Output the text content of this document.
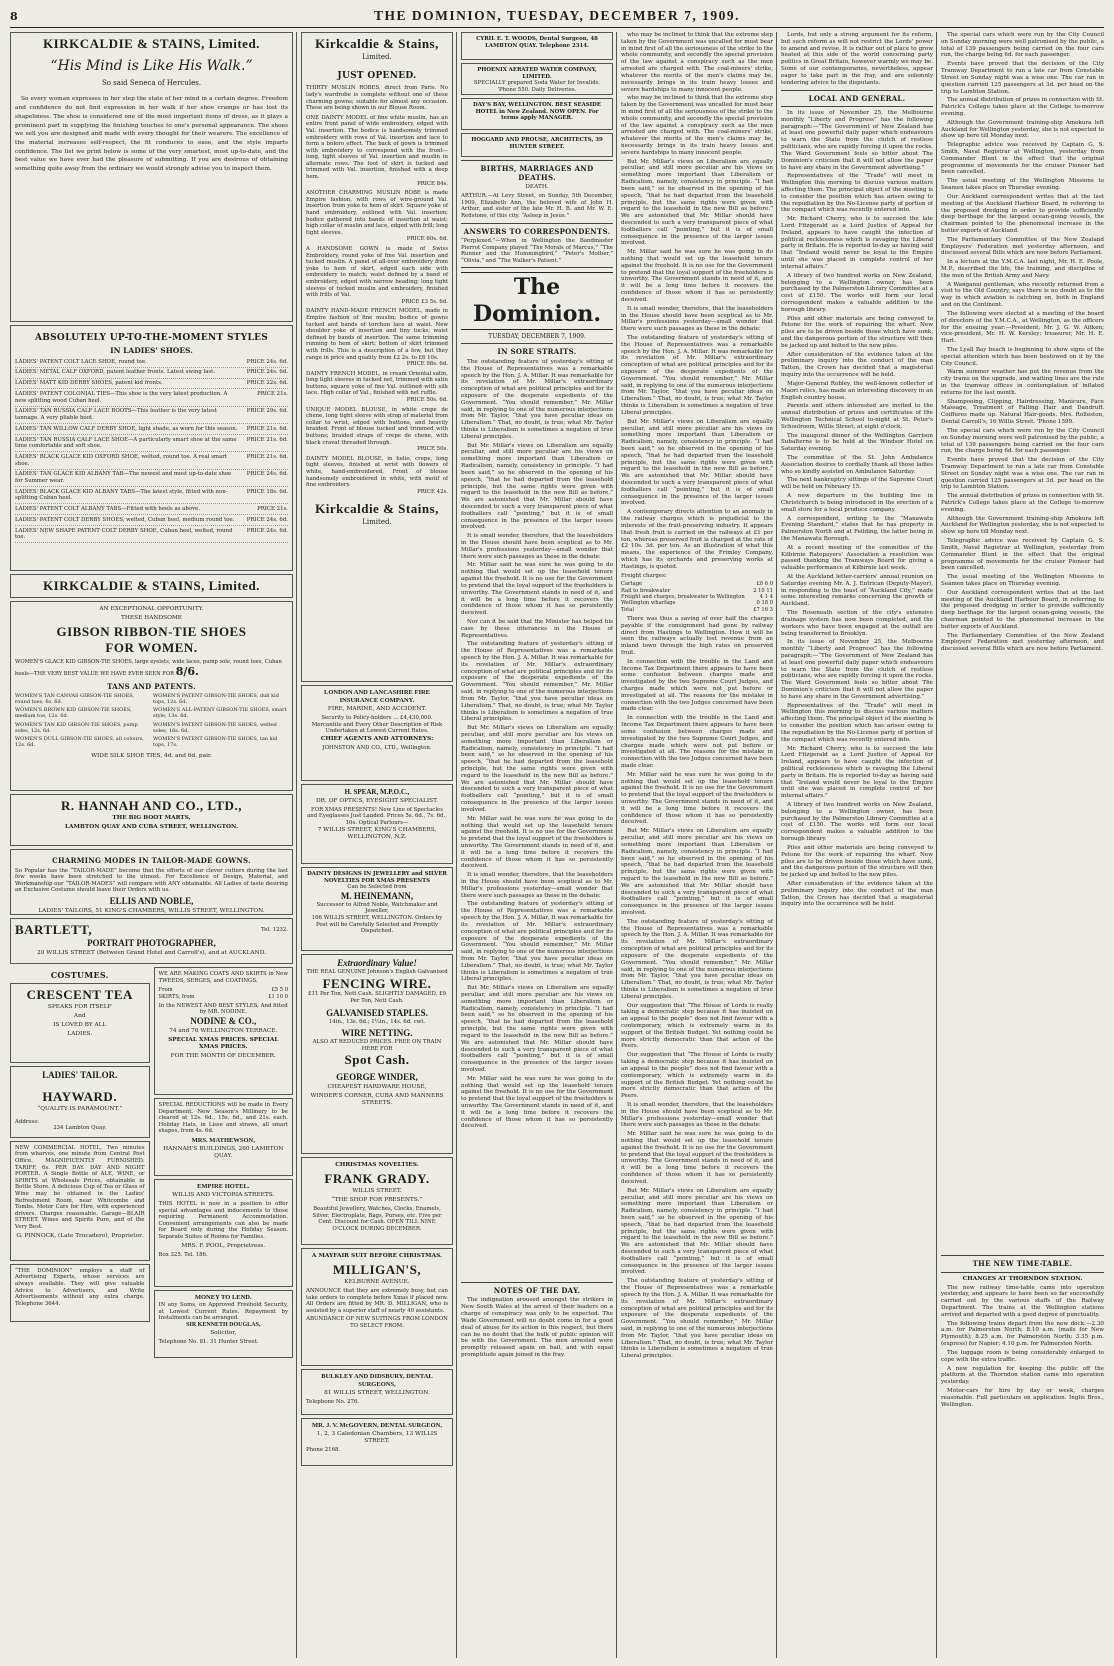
8	THE DOMINION, TUESDAY, DECEMBER 7, 1909.
KIRKCALDIE & STAINS, Limited.
“His Mind is Like His Walk.”
So said Seneca of Hercules.

So every woman expresses in her step the state of her mind in a certain degree. Freedom and confidence do not find expression in her walk if her shoe cramps or has lost its shapeliness. The shoe is considered one of the most important items of dress, as it plays a prominent part in supplying the finishing touches to one's personal appearance. The shoes we sell you are designed and made with every thought for their wearers. The excellence of the material increases self-respect, the fit conduces to ease, and the style imparts confidence. The list we print below is some of the very smartest, most up-to-date, and the best value we have ever had the pleasure of submitting. If you are desirous of obtaining something quite away from the ordinary we would strongly advise you to inspect them.

ABSOLUTELY UP-TO-THE-MOMENT STYLES
IN LADIES' SHOES.
LADIES' PATENT COLT LACE SHOE, round toe.	PRICE 24s. 6d.
LADIES' METAL CALF OXFORD, patent leather fronts. Latest swing last.	PRICE 24s. 6d.
LADIES' MATT KID DERBY SHOES, patent kid fronts.	PRICE 22s. 6d.
LADIES' PATENT COLONIAL TIES—This shoe is the very latest production. A new splitting wood Cuban heel.
PRICE 21s.
LADIES' TAN RUSSIA CALF LACE BOOTS—This leather is the very latest tannage. A very pliable boot.
PRICE 29s. 6d.
LADIES' TAN WILLOW CALF DERBY SHOE, light shade, as worn for this season. PRICE 21s. 6d.
LADIES' TAN RUSSIA CALF LACE SHOE—A particularly smart shoe at the same time comfortable and soft shoe.
PRICE 21s. 6d.
LADIES' BLACK GLACE KID OXFORD SHOE, welted, round toe. A real smart shoe.
PRICE 21s. 6d.
LADIES' TAN GLACE KID ALBANY TAB—The newest and most up-to-date shoe for Summer wear.
PRICE 24s. 6d.
LADIES' BLACK GLACE KID ALBANY TABS—The latest style, fitted with non-splitting Cuban heel.
PRICE 18s. 6d.
LADIES' PATENT COLT ALBANY TABS—Fitted with heels as above.	PRICE 21s.
LADIES' PATENT COLT DERBY SHOES, welted, Cuban heel, medium round toe. PRICE 24s. 6d.
LADIES' NEW SHAPE PATENT COLT DERBY SHOE, Cuban heel, welted, round toe.
PRICE 24s. 6d.
KIRKCALDIE & STAINS, Limited.
AN EXCEPTIONAL OPPORTUNITY.
THESE HANDSOME
GIBSON RIBBON-TIE SHOES
FOR WOMEN.
WOMEN'S GLACE KID GIBSON-TIE SHOES, large eyelets, wide laces, pump sole, round toes, Cuban heels—THE VERY BEST VALUE WE HAVE EVER SEEN FOR 8/6.
TANS AND PATENTS.
WOMEN'S TAN CANVAS GIBSON-TIE SHOES, round toes, 6s. 6d.
WOMEN'S BROWN KID GIBSON-TIE SHOES, medium toe, 12s. 6d.
WOMEN'S TAN KID GIBSON-TIE SHOES, pump soles, 12s. 6d.
WOMEN'S DULL GIBSON-TIE SHOES, all colours, 12s. 6d.
WOMEN'S PATENT GIBSON-TIE SHOES, dull kid tops, 12s. 6d.
WOMEN'S ALL-PATENT GIBSON-TIE SHOES, smart style, 13s. 6d.
WOMEN'S PATENT GIBSON-TIE SHOES, welted soles, 16s. 6d.
WOMEN'S PATENT GIBSON-TIE SHOES, tan kid tops, 17s.
WIDE SILK SHOE TIES, 4d. and 6d. pair.
R. HANNAH AND CO., LTD.,
THE BIG BOOT MARTS,
LAMBTON QUAY AND CUBA STREET, WELLINGTON.
CHARMING MODES IN TAILOR-MADE GOWNS.
So Popular has the “TAILOR-MADE” become that the efforts of our clever cutters during the last few weeks have been stretched to the utmost. For Excellence of Design, Material, and Workmanship our “TAILOR-MADES” will compare with ANY obtainable. All Ladies of taste desiring an Exclusive Costume should leave their Orders with us.
ELLIS AND NOBLE,
LADIES' TAILORS, 51 KING'S CHAMBERS, WILLIS STREET, WELLINGTON.
BARTLETT,	Tel. 1232.
PORTRAIT PHOTOGRAPHER,
20 WILLIS STREET (Between Grand Hotel and Carroll's), and at AUCKLAND.
COSTUMES.
CRESCENT TEA
SPEAKS FOR ITSELF
And
IS LOVED BY ALL
LADIES.
LADIES' TAILOR.
HAYWARD.
“QUALITY IS PARAMOUNT.”
Address:
234 Lambton Quay.
NEW COMMERCIAL HOTEL, Two minutes from wharves, one minute from Central Post Office. MAGNIFICENTLY FURNISHED. TARIFF, 6s. PER DAY. DAY AND NIGHT PORTER. A Single Bottle of ALE, WINE, or SPIRITS at Wholesale Prices, obtainable in Bottle Store. A delicious Cup of Tea or Glass of Wine may be obtained in the Ladies' Refreshment Room, near Whitcombe and Tombs. Motor Cars for Hire, with experienced drivers. Charges reasonable. Garage—BLAIR STREET. Wines and Spirits Pure, and of the Very Best.
G. PINNOCK, (Late Trocadero), Proprietor.
“THE DOMINION” employs a staff of Advertising Experts, whose services are always available. They will give valuable Advice to Advertisers, and Write Advertisements without any extra charge. Telephone 3644.
WE ARE MAKING COATS AND SKIRTS in New TWEEDS, SERGES, and COATINGS.
From	£5 5 0
SKIRTS, from	£1 10 0
In the NEWEST AND BEST STYLES, And fitted by MR. NODINE.
NODINE & CO.,
74 and 76 WELLINGTON TERRACE.
SPECIAL XMAS PRICES. SPECIAL XMAS PRICES.
FOR THE MONTH OF DECEMBER.
SPECIAL REDUCTIONS will be made in Every Department. New Season's Millinery to be cleared at 12s. 6d., 15s. 6d., and 21s. each. Holiday Hats, in Lisse and straws, all smart shapes, from 4s. 6d.
MRS. MATHEWSON,
HANNAH'S BUILDINGS, 260 LAMBTON QUAY.
EMPIRE HOTEL.
WILLIS AND VICTORIA STREETS.
THIS HOTEL is now in a position to offer special advantages and inducements to those requiring Permanent Accommodation. Convenient arrangements can also be made for Board only during the Holiday Season. Separate Suites of Rooms for Families.
MRS. F. POOL, Proprietress.
Box 325. Tel. 186.
MONEY TO LEND.
IN any Sums, on Approved Freehold Security, at Lowest Current Rates. Repayment by Instalments can be arranged.
SIR KENNETH DOUGLAS,
Solicitor,
Telephone No. 81. 31 Hunter Street.
Kirkcaldie & Stains,
Limited.
JUST OPENED.
THIRTY MUSLIN ROBES, direct from Paris. No lady's wardrobe is complete without one of these charming gowns; suitable for almost any occasion. These are being shown in our Blouse Room.
ONE DAINTY MODEL of fine white muslin, has an entire front panel of wide embroidery, edged with Val. insertion. The bodice is handsomely trimmed embroidery with rows of Val. insertion and lace to form a bolero effect. The back of gown is trimmed with embroidery to correspond with the front—long, tight sleeves of Val. insertion and muslin in alternate rows. The foot of skirt is tucked and trimmed with Val. insertion, finished with a deep hem.
PRICE 84s.
ANOTHER CHARMING MUSLIN ROBE is made Empire fashion, with rows of wire-ground Val. insertion from yoke to hem of skirt. Square yoke of hand embroidery, outlined with Val. insertion; bodice gathered into bands of insertion at waist; high collar of muslin and lace, edged with frill; long tight sleeves.
PRICE 60s. 6d.
A HANDSOME GOWN is made of Swiss Embroidery, round yoke of fine Val. insertion and tucked muslin. A panel of all-over embroidery from yoke to hem of skirt, edged each side with embroidery to match; waist defined by a band of embroidery, edged with narrow beading; long tight sleeves of tucked muslin and embroidery, finished with frills of Val.
PRICE £3 5s. 6d.
DAINTY HAND-MADE FRENCH MODEL, made in Empire fashion of fine muslin; bodice of gowns tucked and bands of torchon lace at waist. New shoulder yoke of insertion and tiny tucks; waist defined by bands of insertion. The same trimming running to hem of skirt; bottom of skirt trimmed with frills. This is a description of a few, but they range in price and quality from £2 2s. to £6 10s.
PRICE 98s. 6d.
DAINTY FRENCH MODEL, in cream Oriental satin, long tight sleeves in tucked net, trimmed with satin buttons, square yoke of fine Val. outlined with silk lace. High collar of Val., finished with net ruffle.
PRICE 50s. 6d.
UNIQUE MODEL BLOUSE, in white crepe de chene, long tight sleeve with strap of material from collar to wrist, edged with buttons, and heavily braided. Front of blouse tucked and trimmed with buttons; braided straps of crepe de chene, with black cravat threaded through.
PRICE 50s.
DAINTY MODEL BLOUSE, in helio, crepe, long tight sleeves, finished at wrist with flowers of white, hand-embroidered. Front of blouse handsomely embroidered in white, with motif of fine embroidery.
PRICE 42s.
Kirkcaldie & Stains,
Limited.
LONDON AND LANCASHIRE FIRE INSURANCE COMPANY.
FIRE, MARINE, AND ACCIDENT.
Security to Policy-holders ... £4,430,000.
Mercantile and Every Other Description of Risk Undertaken at Lowest Current Rates.
CHIEF AGENTS AND ATTORNEYS:
JOHNSTON AND CO., LTD., Wellington.
H. SPEAR, M.P.O.C.,
DR. OF OPTICS, EYESIGHT SPECIALIST.
FOR XMAS PRESENTS! New Line of Spectacles and Eyeglasses Just Landed. Prices 5s. 6d., 7s. 6d., 10s. Optical Parlours—
7 WILLIS STREET, KING'S CHAMBERS, WELLINGTON, N.Z.
DAINTY DESIGNS IN JEWELLERY and SILVER NOVELTIES FOR XMAS PRESENTS
Can be Selected from
M. HEINEMANN,
Successor to Alfred Noble, Watchmaker and Jeweller,
166 WILLIS STREET, WELLINGTON. Orders by Post will be Carefully Selected and Promptly Dispatched.
Extraordinary Value!
THE REAL GENUINE Johnson's English Galvanised
FENCING WIRE.
£11 Per Ton, Nett Cash. SLIGHTLY DAMAGED, £9 Per Ton, Nett Cash.
GALVANISED STAPLES.
14in., 13s. 6d.; 1½in., 14s. 6d. cwt.
WIRE NETTING.
ALSO AT REDUCED PRICES. FREE ON TRAIN HERE FOR
Spot Cash.
GEORGE WINDER,
CHEAPEST HARDWARE HOUSE,
WINDER'S CORNER, CUBA AND MANNERS STREETS.
CHRISTMAS NOVELTIES.
FRANK GRADY.
WILLIS STREET.
“THE SHOP FOR PRESENTS.”
Beautiful Jewellery, Watches, Clocks, Enamels, Silver, Electroplate, Bags, Purses, etc. Five per Cent. Discount for Cash. OPEN TILL NINE O'CLOCK DURING DECEMBER.
A MAYFAIR SUIT BEFORE CHRISTMAS.
MILLIGAN'S,
KELBURNE AVENUE.
ANNOUNCE that they are extremely busy, but can take orders to complete before Xmas if placed now. All Orders are fitted by MR. D. MILLIGAN, who is assisted by a superior staff of nearly 40 assistants.
ABUNDANCE OF NEW SUITINGS FROM LONDON TO SELECT FROM.
BULKLEY AND DIDSBURY, DENTAL SURGEONS,
81 WILLIS STREET, WELLINGTON.
Telephone No. 276.
MR. J. V. McGOVERN, DENTAL SURGEON,
1, 2, 3 Caledonian Chambers, 13 WILLIS STREET.
Phone 2168.
CYRIL E. T. WOODS, Dental Surgeon, 48 LAMBTON QUAY. Telephone 2314.
PHOENIX AERATED WATER COMPANY, LIMITED.
SPECIALLY prepared Soda Water for Invalids. 'Phone 550. Daily Deliveries.
DAY'S BAY, WELLINGTON. BEST SEASIDE HOTEL in New Zealand. NOW OPEN. For terms apply MANAGER.
HOGGARD AND PROUSE, ARCHITECTS, 39 HUNTER STREET.
BIRTHS, MARRIAGES AND DEATHS.
DEATH.
ARTHUR.—At Levy Street, on Sunday, 5th December, 1909, Elizabeth Ann, the beloved wife of John H. Arthur, and sister of the late Mr. H. B. and Mr. W. E. Redstone, of this city. “Asleep in Jesus.”
ANSWERS TO CORRESPONDENTS.
“Perplexed.”—When in Wellington the Bandmaster Pierrot Company played “The Morals of Marcus,” “The Runner and the Hummingbird,” “Peter's Mother,” “Olivia,” and “The Walker's Patient.”
The Dominion.
TUESDAY, DECEMBER 7, 1909.
IN SORE STRAITS.

The outstanding feature of yesterday's sitting of the House of Representatives was a remarkable speech by the Hon. J. A. Millar. It was remarkable for its revelation of Mr. Millar's extraordinary conception of what are political principles and for its exposure of the desperate expedients of the Government. “You should remember,” Mr. Millar said, in replying to one of the numerous interjections from Mr. Taylor, “that you have peculiar ideas on Liberalism.” That, no doubt, is true; what Mr. Taylor thinks is Liberalism is sometimes a negation of true Liberal principles.

But Mr. Millar's views on Liberalism are equally peculiar, and still more peculiar are his views on something more important than Liberalism or Radicalism, namely, consistency in principle. “I had been said,” so he observed in the opening of his speech, “that he had departed from the leasehold principle, but the same rights were given with regard to the leasehold in the new Bill as before.” We are astonished that Mr. Millar should have descended to such a very transparent piece of what footballers call “pointing,” but it is of small consequence in the presence of the larger issues involved.

It is small wonder, therefore, that the leaseholders in the House should have been sceptical as to Mr. Millar's professions yesterday—small wonder that there were such passages as these in the debate:

Mr. Millar said he was sure he was going to do nothing that would set up the leasehold tenure against the freehold. It is no use for the Government to pretend that the loyal support of the freeholders is unworthy. The Government stands in need of it, and it will be a long time before it recovers the confidence of those whom it has so persistently deceived.

Nor can it be said that the Minister has helped his case by these utterances in the House of Representatives.

The outstanding feature of yesterday's sitting of the House of Representatives was a remarkable speech by the Hon. J. A. Millar. It was remarkable for its revelation of Mr. Millar's extraordinary conception of what are political principles and for its exposure of the desperate expedients of the Government. “You should remember,” Mr. Millar said, in replying to one of the numerous interjections from Mr. Taylor, “that you have peculiar ideas on Liberalism.” That, no doubt, is true; what Mr. Taylor thinks is Liberalism is sometimes a negation of true Liberal principles.

But Mr. Millar's views on Liberalism are equally peculiar, and still more peculiar are his views on something more important than Liberalism or Radicalism, namely, consistency in principle. “I had been said,” so he observed in the opening of his speech, “that he had departed from the leasehold principle, but the same rights were given with regard to the leasehold in the new Bill as before.” We are astonished that Mr. Millar should have descended to such a very transparent piece of what footballers call “pointing,” but it is of small consequence in the presence of the larger issues involved.

Mr. Millar said he was sure he was going to do nothing that would set up the leasehold tenure against the freehold. It is no use for the Government to pretend that the loyal support of the freeholders is unworthy. The Government stands in need of it, and it will be a long time before it recovers the confidence of those whom it has so persistently deceived.

It is small wonder, therefore, that the leaseholders in the House should have been sceptical as to Mr. Millar's professions yesterday—small wonder that there were such passages as these in the debate:

The outstanding feature of yesterday's sitting of the House of Representatives was a remarkable speech by the Hon. J. A. Millar. It was remarkable for its revelation of Mr. Millar's extraordinary conception of what are political principles and for its exposure of the desperate expedients of the Government. “You should remember,” Mr. Millar said, in replying to one of the numerous interjections from Mr. Taylor, “that you have peculiar ideas on Liberalism.” That, no doubt, is true; what Mr. Taylor thinks is Liberalism is sometimes a negation of true Liberal principles.

But Mr. Millar's views on Liberalism are equally peculiar, and still more peculiar are his views on something more important than Liberalism or Radicalism, namely, consistency in principle. “I had been said,” so he observed in the opening of his speech, “that he had departed from the leasehold principle, but the same rights were given with regard to the leasehold in the new Bill as before.” We are astonished that Mr. Millar should have descended to such a very transparent piece of what footballers call “pointing,” but it is of small consequence in the presence of the larger issues involved.

Mr. Millar said he was sure he was going to do nothing that would set up the leasehold tenure against the freehold. It is no use for the Government to pretend that the loyal support of the freeholders is unworthy. The Government stands in need of it, and it will be a long time before it recovers the confidence of those whom it has so persistently deceived.

NOTES OF THE DAY.

The indignation aroused amongst the strikers in New South Wales at the arrest of their leaders on a charge of conspiracy was only to be expected. The Wade Government will no doubt come in for a good deal of abuse for its action in this respect, but there can be no doubt that the bulk of public opinion will be with the Government. The men arrested were promptly released again on bail, and with equal promptitude again joined in the fray.

who may be inclined to think that the extreme step taken by the Government was uncalled for must bear in mind first of all the seriousness of the strike to the whole community, and secondly the special provision of the law against a conspiracy such as the men arrested are charged with. The coal-miners' strike, whatever the merits of the men's claims may be, necessarily brings in its train heavy losses and severe hardships to many innocent people.

who may be inclined to think that the extreme step taken by the Government was uncalled for must bear in mind first of all the seriousness of the strike to the whole community, and secondly the special provision of the law against a conspiracy such as the men arrested are charged with. The coal-miners' strike, whatever the merits of the men's claims may be, necessarily brings in its train heavy losses and severe hardships to many innocent people.

But Mr. Millar's views on Liberalism are equally peculiar, and still more peculiar are his views on something more important than Liberalism or Radicalism, namely, consistency in principle. “I had been said,” so he observed in the opening of his speech, “that he had departed from the leasehold principle, but the same rights were given with regard to the leasehold in the new Bill as before.” We are astonished that Mr. Millar should have descended to such a very transparent piece of what footballers call “pointing,” but it is of small consequence in the presence of the larger issues involved.

Mr. Millar said he was sure he was going to do nothing that would set up the leasehold tenure against the freehold. It is no use for the Government to pretend that the loyal support of the freeholders is unworthy. The Government stands in need of it, and it will be a long time before it recovers the confidence of those whom it has so persistently deceived.

It is small wonder, therefore, that the leaseholders in the House should have been sceptical as to Mr. Millar's professions yesterday—small wonder that there were such passages as these in the debate:

The outstanding feature of yesterday's sitting of the House of Representatives was a remarkable speech by the Hon. J. A. Millar. It was remarkable for its revelation of Mr. Millar's extraordinary conception of what are political principles and for its exposure of the desperate expedients of the Government. “You should remember,” Mr. Millar said, in replying to one of the numerous interjections from Mr. Taylor, “that you have peculiar ideas on Liberalism.” That, no doubt, is true; what Mr. Taylor thinks is Liberalism is sometimes a negation of true Liberal principles.

But Mr. Millar's views on Liberalism are equally peculiar, and still more peculiar are his views on something more important than Liberalism or Radicalism, namely, consistency in principle. “I had been said,” so he observed in the opening of his speech, “that he had departed from the leasehold principle, but the same rights were given with regard to the leasehold in the new Bill as before.” We are astonished that Mr. Millar should have descended to such a very transparent piece of what footballers call “pointing,” but it is of small consequence in the presence of the larger issues involved.

A contemporary directs attention to an anomaly in the railway charges which is prejudicial to the interests of the fruit-preserving industry. It appears that fresh fruit is carried on the railways at £1 per ton, whereas preserved fruit is charged at the rate of £2 10s. 3d. per ton. As an illustration of what this means, the experience of the Frimley Company, which has its orchards and preserving works at Hastings, is quoted.

Freight charges:
Cartage	£0 6 0
Rail to breakwater	2 10 11
Freight and charges, breakwater to Wellington	4 1 4
Wellington wharfage	0 18 0
Total	£7 16 3

There was thus a saving of over half the charges payable if the consignment had gone by railway direct from Hastings to Wellington. How it will be seen the railways actually lost revenue from an inland town through the high rates on preserved fruit.

In connection with the trouble in the Land and Income Tax Department there appears to have been some confusion between charges made and investigated by the two Supreme Court Judges, and charges made which were not put before or investigated at all. The reasons for the mistake in connection with the two Judges concerned have been made clear.

In connection with the trouble in the Land and Income Tax Department there appears to have been some confusion between charges made and investigated by the two Supreme Court Judges, and charges made which were not put before or investigated at all. The reasons for the mistake in connection with the two Judges concerned have been made clear.

Mr. Millar said he was sure he was going to do nothing that would set up the leasehold tenure against the freehold. It is no use for the Government to pretend that the loyal support of the freeholders is unworthy. The Government stands in need of it, and it will be a long time before it recovers the confidence of those whom it has so persistently deceived.

But Mr. Millar's views on Liberalism are equally peculiar, and still more peculiar are his views on something more important than Liberalism or Radicalism, namely, consistency in principle. “I had been said,” so he observed in the opening of his speech, “that he had departed from the leasehold principle, but the same rights were given with regard to the leasehold in the new Bill as before.” We are astonished that Mr. Millar should have descended to such a very transparent piece of what footballers call “pointing,” but it is of small consequence in the presence of the larger issues involved.

The outstanding feature of yesterday's sitting of the House of Representatives was a remarkable speech by the Hon. J. A. Millar. It was remarkable for its revelation of Mr. Millar's extraordinary conception of what are political principles and for its exposure of the desperate expedients of the Government. “You should remember,” Mr. Millar said, in replying to one of the numerous interjections from Mr. Taylor, “that you have peculiar ideas on Liberalism.” That, no doubt, is true; what Mr. Taylor thinks is Liberalism is sometimes a negation of true Liberal principles.

Our suggestion that “The House of Lords is really taking a democratic step because it has insisted on an appeal to the people” does not find favour with a contemporary, which is extremely warm in its support of the British Budget. Yet nothing could be more strictly democratic than that action of the Peers.

Our suggestion that “The House of Lords is really taking a democratic step because it has insisted on an appeal to the people” does not find favour with a contemporary, which is extremely warm in its support of the British Budget. Yet nothing could be more strictly democratic than that action of the Peers.

It is small wonder, therefore, that the leaseholders in the House should have been sceptical as to Mr. Millar's professions yesterday—small wonder that there were such passages as these in the debate:

Mr. Millar said he was sure he was going to do nothing that would set up the leasehold tenure against the freehold. It is no use for the Government to pretend that the loyal support of the freeholders is unworthy. The Government stands in need of it, and it will be a long time before it recovers the confidence of those whom it has so persistently deceived.

But Mr. Millar's views on Liberalism are equally peculiar, and still more peculiar are his views on something more important than Liberalism or Radicalism, namely, consistency in principle. “I had been said,” so he observed in the opening of his speech, “that he had departed from the leasehold principle, but the same rights were given with regard to the leasehold in the new Bill as before.” We are astonished that Mr. Millar should have descended to such a very transparent piece of what footballers call “pointing,” but it is of small consequence in the presence of the larger issues involved.

The outstanding feature of yesterday's sitting of the House of Representatives was a remarkable speech by the Hon. J. A. Millar. It was remarkable for its revelation of Mr. Millar's extraordinary conception of what are political principles and for its exposure of the desperate expedients of the Government. “You should remember,” Mr. Millar said, in replying to one of the numerous interjections from Mr. Taylor, “that you have peculiar ideas on Liberalism.” That, no doubt, is true; what Mr. Taylor thinks is Liberalism is sometimes a negation of true Liberal principles.

Lords, but only a strong argument for its reform, but such reform as will not restrict the Lords' power to amend and revise. It is rather out of place to grow heated at this side of the world concerning party politics in Great Britain, however warmly we may be. Some of our contemporaries, nevertheless, appear eager to take part in the fray, and are solemnly tendering advice to the disputants.

LOCAL AND GENERAL.

In its issue of November 25, the Melbourne monthly “Liberty and Progress” has the following paragraph:—“The Government of New Zealand has at least one powerful daily paper which endeavours to warn the State from the clutch of restless politicians, who are rapidly forcing it upon the rocks. The Ward Government feels so bitter about The Dominion's criticism that it will not allow the paper to have any share in the Government advertising.”

Representatives of the “Trade” will meet in Wellington this morning to discuss various matters affecting them. The principal object of the meeting is to consider the position which has arisen owing to the repudiation by the No-License party of portion of the compact which was recently entered into.

Mr. Richard Cherry, who is to succeed the late Lord Fitzgerald as a Lord Justice of Appeal for Ireland, appears to have caught the infection of political recklessness which is ravaging the Liberal party in Britain. He is reported to-day as having said that “Ireland would never be loyal to the Empire until she was placed in complete control of her internal affairs.”

A library of two hundred works on New Zealand, belonging to a Wellington owner, has been purchased by the Palmerston Library Committee at a cost of £150. The works will form our local correspondent makes a valuable addition to the borough library.

Piles and other materials are being conveyed to Petone for the work of repairing the wharf. New piles are to be driven beside those which have sunk, and the dangerous portion of the structure will then be jacked up and bolted to the new piles.

After consideration of the evidence taken at the preliminary inquiry into the conduct of the man Tatton, the Crown has decided that a magisterial inquiry into the occurrence will be held.

Major-General Robley, the well-known collector of Maori relics, has made an interesting discovery in an English country house.

Parents and others interested are invited to the annual distribution of prizes and certificates of the Wellington Technical School to-night at St. Peter's Schoolroom, Willis Street, at eight o'clock.

The inaugural dinner of the Wellington Garrison Subalterns is to be held at the Windsor Hotel on Saturday evening.

The committee of the St. John Ambulance Association desires to cordially thank all those ladies who so kindly assisted on Ambulance Saturday.

The next bankruptcy sittings of the Supreme Court will be held on February 15.

A new departure in the building line in Christchurch is being introduced in the erection of a small store for a local produce company.

A correspondent, writing to the “Manawatu Evening Standard,” states that he has property in Palmerston North and at Feilding, the latter being in the Manawatu Borough.

At a recent meeting of the committee of the Kilbirnie Ratepayers' Association a resolution was passed thanking the Tramways Board for giving a valuable performance at Kilbirnie last week.

At the Auckland letter-carriers' annual reunion on Saturday evening Mr. A. J. Entrican (Deputy-Mayor), in responding to the toast of “Auckland City,” made some interesting remarks concerning the growth of Auckland.

The Roseneath section of the city's extensive drainage system has now been completed, and the workers who have been engaged at the outfall are being transferred to Brooklyn.

In its issue of November 25, the Melbourne monthly “Liberty and Progress” has the following paragraph:—“The Government of New Zealand has at least one powerful daily paper which endeavours to warn the State from the clutch of restless politicians, who are rapidly forcing it upon the rocks. The Ward Government feels so bitter about The Dominion's criticism that it will not allow the paper to have any share in the Government advertising.”

Representatives of the “Trade” will meet in Wellington this morning to discuss various matters affecting them. The principal object of the meeting is to consider the position which has arisen owing to the repudiation by the No-License party of portion of the compact which was recently entered into.

Mr. Richard Cherry, who is to succeed the late Lord Fitzgerald as a Lord Justice of Appeal for Ireland, appears to have caught the infection of political recklessness which is ravaging the Liberal party in Britain. He is reported to-day as having said that “Ireland would never be loyal to the Empire until she was placed in complete control of her internal affairs.”

A library of two hundred works on New Zealand, belonging to a Wellington owner, has been purchased by the Palmerston Library Committee at a cost of £150. The works will form our local correspondent makes a valuable addition to the borough library.

Piles and other materials are being conveyed to Petone for the work of repairing the wharf. New piles are to be driven beside those which have sunk, and the dangerous portion of the structure will then be jacked up and bolted to the new piles.

After consideration of the evidence taken at the preliminary inquiry into the conduct of the man Tatton, the Crown has decided that a magisterial inquiry into the occurrence will be held.

The special cars which were run by the City Council on Sunday morning were well patronised by the public, a total of 139 passengers being carried on the four cars run, the charge being 6d. for each passenger.

Events have proved that the decision of the City Tramway Department to run a late car from Constable Street on Sunday night was a wise one. The car ran in question carried 125 passengers at 3d. per head on the trip to Lambton Station.

The annual distribution of prizes in connection with St. Patrick's College takes place at the College to-morrow evening.

Although the Government training-ship Amokura left Auckland for Wellington yesterday, she is not expected to show up here till Monday next.

Telegraphic advice was received by Captain G. S. Smith, Naval Registrar at Wellington, yesterday from Commander Blunt in the effect that the original programme of movements for the cruiser Pioneer had been cancelled.

The usual meeting of the Wellington Missions to Seamen takes place on Thursday evening.

Our Auckland correspondent writes that at the last meeting of the Auckland Harbour Board, in referring to the proposed dredging in order to provide sufficiently deep berthage for the largest ocean-going vessels, the chairman pointed to the phenomenal increase in the butter exports of Auckland.

The Parliamentary Committee of the New Zealand Employers' Federation met yesterday afternoon, and discussed several Bills which are now before Parliament.

In a lecture at the Y.M.C.A. last night, Mr. H. E. Poole, M.P., described the life, the training, and discipline of the men of the British Army and Navy.

A Wanganui gentleman, who recently returned from a visit to the Old Country, says there is no doubt as to the way in which aviation is catching on, both in England and on the Continent.

The following were elected at a meeting of the board of directors of the Y.M.C.A., at Wellington, as the officers for the ensuing year:—President, Mr. J. G. W. Aitken; vice-president, Mr. H. W. Kersley; treasurer, Mr. H. E. Hart.

The Lyall Bay beach is beginning to show signs of the special attention which has been bestowed on it by the City Council.

Warm summer weather has put the revenue from the city trams on the upgrade, and waiting lines are the rule in the tramway offices in contemplation of inflated returns for the last month.

Shampooing, Clipping, Hairdressing, Manicure, Face Massage, Treatment of Falling Hair and Dandruff. Coiffures made up. Natural Hair-goods. Mrs. Rolleston, Dental Carroll's, 16 Willis Street. 'Phone 1599.

The special cars which were run by the City Council on Sunday morning were well patronised by the public, a total of 139 passengers being carried on the four cars run, the charge being 6d. for each passenger.

Events have proved that the decision of the City Tramway Department to run a late car from Constable Street on Sunday night was a wise one. The car ran in question carried 125 passengers at 3d. per head on the trip to Lambton Station.

The annual distribution of prizes in connection with St. Patrick's College takes place at the College to-morrow evening.

Although the Government training-ship Amokura left Auckland for Wellington yesterday, she is not expected to show up here till Monday next.

Telegraphic advice was received by Captain G. S. Smith, Naval Registrar at Wellington, yesterday from Commander Blunt in the effect that the original programme of movements for the cruiser Pioneer had been cancelled.

The usual meeting of the Wellington Missions to Seamen takes place on Thursday evening.

Our Auckland correspondent writes that at the last meeting of the Auckland Harbour Board, in referring to the proposed dredging in order to provide sufficiently deep berthage for the largest ocean-going vessels, the chairman pointed to the phenomenal increase in the butter exports of Auckland.

The Parliamentary Committee of the New Zealand Employers' Federation met yesterday afternoon, and discussed several Bills which are now before Parliament.

THE NEW TIME-TABLE.
CHANGES AT THORNDON STATION.

The new railway time-table came into operation yesterday, and appears to have been so far successfully carried out by the various staffs of the Railway Department. The trains at the Wellington stations arrived and departed with a good degree of punctuality.

The following trains depart from the new dock:—2.30 a.m. for Palmerston North; 8.10 a.m. (mails for New Plymouth); 8.25 a.m. for Palmerston North; 3.35 p.m. (express) for Napier; 4.10 p.m. for Palmerston North.

The luggage room is being considerably enlarged to cope with the extra traffic.

A new regulation for keeping the public off the platform at the Thorndon station came into operation yesterday.

Motor-cars for hire by day or week, charges reasonable. Full particulars on application. Inglis Bros., Wellington.
